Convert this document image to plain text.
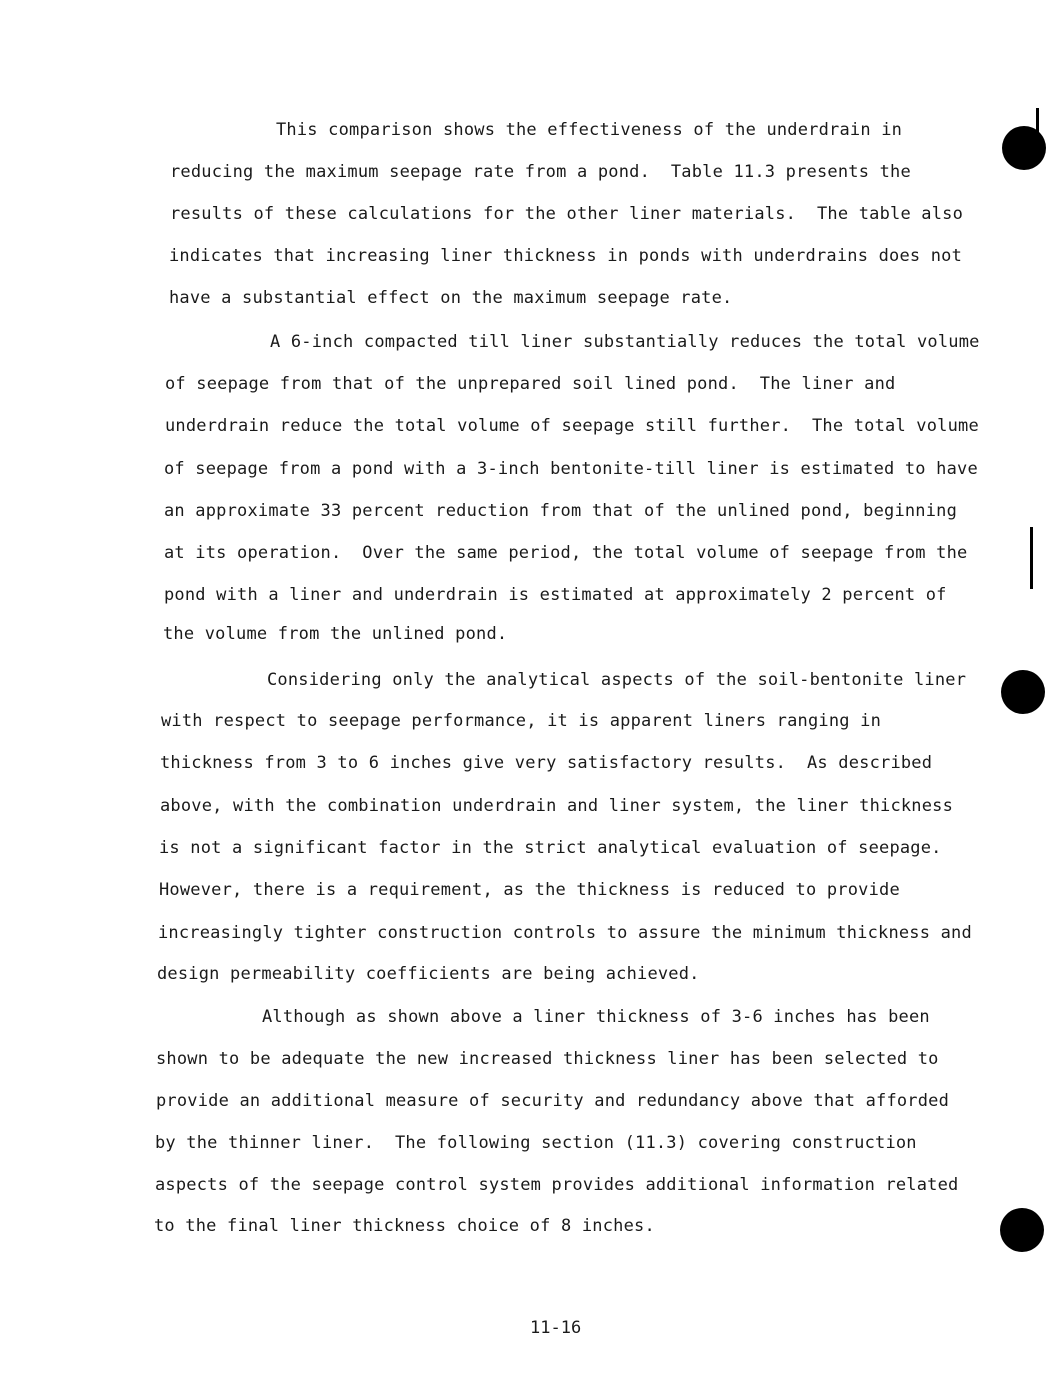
This comparison shows the effectiveness of the underdrain in
reducing the maximum seepage rate from a pond.  Table 11.3 presents the
results of these calculations for the other liner materials.  The table also
indicates that increasing liner thickness in ponds with underdrains does not
have a substantial effect on the maximum seepage rate.
A 6-inch compacted till liner substantially reduces the total volume
of seepage from that of the unprepared soil lined pond.  The liner and
underdrain reduce the total volume of seepage still further.  The total volume
of seepage from a pond with a 3-inch bentonite-till liner is estimated to have
an approximate 33 percent reduction from that of the unlined pond, beginning
at its operation.  Over the same period, the total volume of seepage from the
pond with a liner and underdrain is estimated at approximately 2 percent of
the volume from the unlined pond.
Considering only the analytical aspects of the soil-bentonite liner
with respect to seepage performance, it is apparent liners ranging in
thickness from 3 to 6 inches give very satisfactory results.  As described
above, with the combination underdrain and liner system, the liner thickness
is not a significant factor in the strict analytical evaluation of seepage.
However, there is a requirement, as the thickness is reduced to provide
increasingly tighter construction controls to assure the minimum thickness and
design permeability coefficients are being achieved.
Although as shown above a liner thickness of 3-6 inches has been
shown to be adequate the new increased thickness liner has been selected to
provide an additional measure of security and redundancy above that afforded
by the thinner liner.  The following section (11.3) covering construction
aspects of the seepage control system provides additional information related
to the final liner thickness choice of 8 inches.
11-16
